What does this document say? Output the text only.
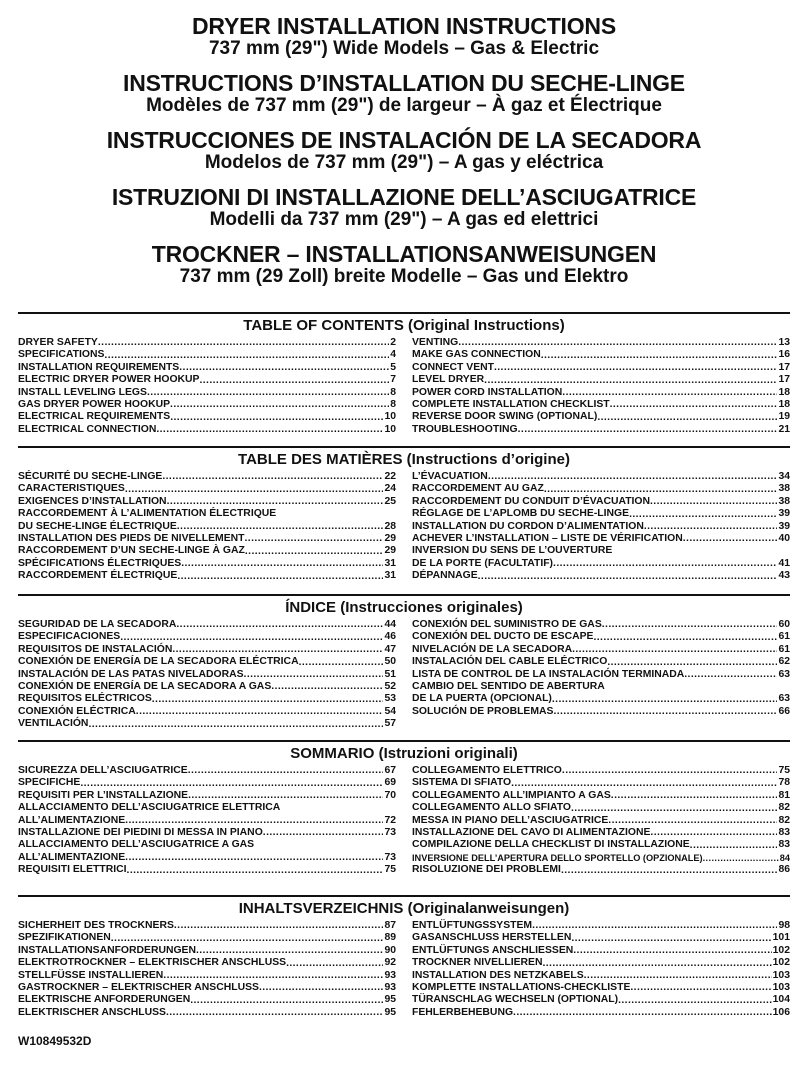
DRYER INSTALLATION INSTRUCTIONS
737 mm (29") Wide Models – Gas & Electric
INSTRUCTIONS D’INSTALLATION DU SECHE-LINGE
Modèles de 737 mm (29") de largeur – À gaz et Électrique
INSTRUCCIONES DE INSTALACIÓN DE LA SECADORA
Modelos de 737 mm (29") – A gas y eléctrica
ISTRUZIONI DI INSTALLAZIONE DELL’ASCIUGATRICE
Modelli da 737 mm (29") – A gas ed elettrici
TROCKNER – INSTALLATIONSANWEISUNGEN
737 mm (29 Zoll) breite Modelle – Gas und Elektro
TABLE OF CONTENTS (Original Instructions)
DRYER SAFETY .....	2
SPECIFICATIONS .....	4
INSTALLATION REQUIREMENTS .....	5
ELECTRIC DRYER POWER HOOKUP .....	7
INSTALL LEVELING LEGS .....	8
GAS DRYER POWER HOOKUP .....	8
ELECTRICAL REQUIREMENTS .....	10
ELECTRICAL CONNECTION .....	10
VENTING .....	13
MAKE GAS CONNECTION .....	16
CONNECT VENT .....	17
LEVEL DRYER .....	17
POWER CORD INSTALLATION .....	18
COMPLETE INSTALLATION CHECKLIST .....	18
REVERSE DOOR SWING (OPTIONAL) .....	19
TROUBLESHOOTING .....	21
TABLE DES MATIÈRES (Instructions d’origine)
SÉCURITÉ DU SECHE-LINGE .....	22
CARACTERISTIQUES .....	24
EXIGENCES D’INSTALLATION .....	25
RACCORDEMENT À L’ALIMENTATION ÉLECTRIQUE
DU SECHE-LINGE ÉLECTRIQUE .....	28
INSTALLATION DES PIEDS DE NIVELLEMENT .....	29
RACCORDEMENT D’UN SECHE-LINGE À GAZ .....	29
SPÉCIFICATIONS ÉLECTRIQUES .....	31
RACCORDEMENT ÉLECTRIQUE .....	31
L’ÉVACUATION .....	34
RACCORDEMENT AU GAZ .....	38
RACCORDEMENT DU CONDUIT D’ÉVACUATION .....	38
RÉGLAGE DE L’APLOMB DU SECHE-LINGE .....	39
INSTALLATION DU CORDON D’ALIMENTATION .....	39
ACHEVER L’INSTALLATION – LISTE DE VÉRIFICATION .....	40
INVERSION DU SENS DE L’OUVERTURE
DE LA PORTE (FACULTATIF) .....	41
DÉPANNAGE .....	43
ÍNDICE (Instrucciones originales)
SEGURIDAD DE LA SECADORA .....	44
ESPECIFICACIONES .....	46
REQUISITOS DE INSTALACIÓN .....	47
CONEXIÓN DE ENERGÍA DE LA SECADORA ELÉCTRICA .....	50
INSTALACIÓN DE LAS PATAS NIVELADORAS .....	51
CONEXIÓN DE ENERGÍA DE LA SECADORA A GAS .....	52
REQUISITOS ELÉCTRICOS .....	53
CONEXIÓN ELÉCTRICA .....	54
VENTILACIÓN .....	57
CONEXIÓN DEL SUMINISTRO DE GAS .....	60
CONEXIÓN DEL DUCTO DE ESCAPE .....	61
NIVELACIÓN DE LA SECADORA .....	61
INSTALACIÓN DEL CABLE ELÉCTRICO .....	62
LISTA DE CONTROL DE LA INSTALACIÓN TERMINADA .....	63
CAMBIO DEL SENTIDO DE ABERTURA
DE LA PUERTA (OPCIONAL) .....	63
SOLUCIÓN DE PROBLEMAS .....	66
SOMMARIO (Istruzioni originali)
SICUREZZA DELL’ASCIUGATRICE .....	67
SPECIFICHE .....	69
REQUISITI PER L’INSTALLAZIONE .....	70
ALLACCIAMENTO DELL’ASCIUGATRICE ELETTRICA
ALL’ALIMENTAZIONE .....	72
INSTALLAZIONE DEI PIEDINI DI MESSA IN PIANO .....	73
ALLACCIAMENTO DELL’ASCIUGATRICE A GAS
ALL’ALIMENTAZIONE .....	73
REQUISITI ELETTRICI .....	75
COLLEGAMENTO ELETTRICO .....	75
SISTEMA DI SFIATO .....	78
COLLEGAMENTO ALL’IMPIANTO A GAS .....	81
COLLEGAMENTO ALLO SFIATO .....	82
MESSA IN PIANO DELL’ASCIUGATRICE .....	82
INSTALLAZIONE DEL CAVO DI ALIMENTAZIONE .....	83
COMPILAZIONE DELLA CHECKLIST DI INSTALLAZIONE .....	83
INVERSIONE DELL’APERTURA DELLO SPORTELLO (OPZIONALE) .....	84
RISOLUZIONE DEI PROBLEMI .....	86
INHALTSVERZEICHNIS (Originalanweisungen)
SICHERHEIT DES TROCKNERS .....	87
SPEZIFIKATIONEN .....	89
INSTALLATIONSANFORDERUNGEN .....	90
ELEKTROTROCKNER – ELEKTRISCHER ANSCHLUSS .....	92
STELLFÜSSE INSTALLIEREN .....	93
GASTROCKNER – ELEKTRISCHER ANSCHLUSS .....	93
ELEKTRISCHE ANFORDERUNGEN .....	95
ELEKTRISCHER ANSCHLUSS .....	95
ENTLÜFTUNGSSYSTEM .....	98
GASANSCHLUSS HERSTELLEN .....	101
ENTLÜFTUNGS ANSCHLIESSEN .....	102
TROCKNER NIVELLIEREN .....	102
INSTALLATION DES NETZKABELS .....	103
KOMPLETTE INSTALLATIONS-CHECKLISTE .....	103
TÜRANSCHLAG WECHSELN (OPTIONAL) .....	104
FEHLERBEHEBUNG .....	106
W10849532D
